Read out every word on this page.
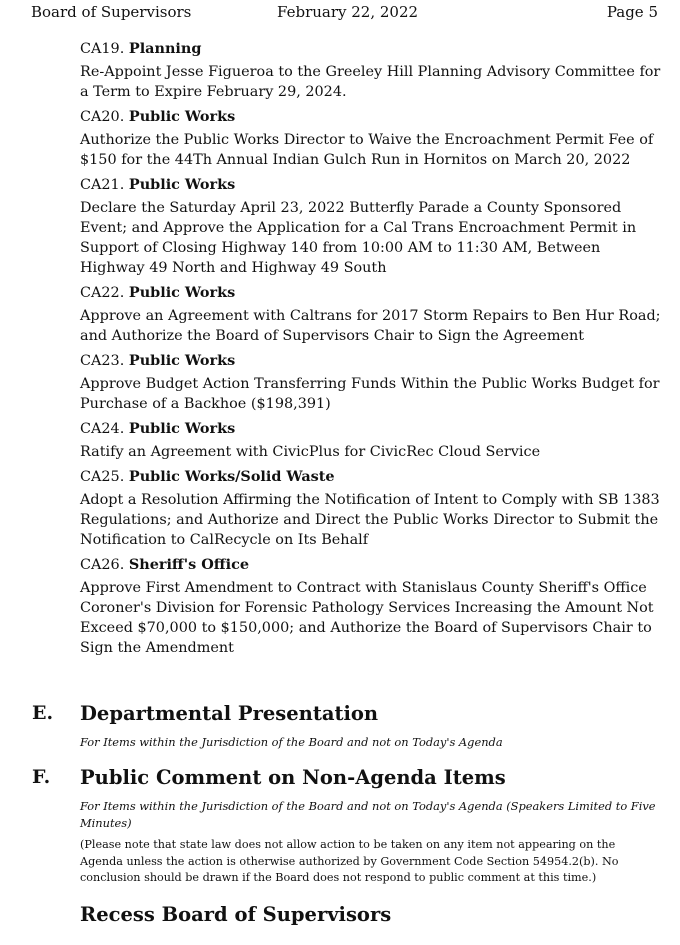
Board of Supervisors	February 22, 2022	Page 5
CA19. Planning
Re-Appoint Jesse Figueroa to the Greeley Hill Planning Advisory Committee for a Term to Expire February 29, 2024.
CA20. Public Works
Authorize the Public Works Director to Waive the Encroachment Permit Fee of $150 for the 44Th Annual Indian Gulch Run in Hornitos on March 20, 2022
CA21. Public Works
Declare the Saturday April 23, 2022 Butterfly Parade a County Sponsored Event; and Approve the Application for a Cal Trans Encroachment Permit in Support of Closing Highway 140 from 10:00 AM to 11:30 AM, Between Highway 49 North and Highway 49 South
CA22. Public Works
Approve an Agreement with Caltrans for 2017 Storm Repairs to Ben Hur Road; and Authorize the Board of Supervisors Chair to Sign the Agreement
CA23. Public Works
Approve Budget Action Transferring Funds Within the Public Works Budget for Purchase of a Backhoe ($198,391)
CA24. Public Works
Ratify an Agreement with CivicPlus for CivicRec Cloud Service
CA25. Public Works/Solid Waste
Adopt a Resolution Affirming the Notification of Intent to Comply with SB 1383 Regulations; and Authorize and Direct the Public Works Director to Submit the Notification to CalRecycle on Its Behalf
CA26. Sheriff's Office
Approve First Amendment to Contract with Stanislaus County Sheriff's Office Coroner's Division for Forensic Pathology Services Increasing the Amount Not Exceed $70,000 to $150,000; and Authorize the Board of Supervisors Chair to Sign the Amendment
E. Departmental Presentation
For Items within the Jurisdiction of the Board and not on Today's Agenda
F. Public Comment on Non-Agenda Items
For Items within the Jurisdiction of the Board and not on Today's Agenda (Speakers Limited to Five Minutes)
(Please note that state law does not allow action to be taken on any item not appearing on the Agenda unless the action is otherwise authorized by Government Code Section 54954.2(b). No conclusion should be drawn if the Board does not respond to public comment at this time.)
Recess Board of Supervisors
